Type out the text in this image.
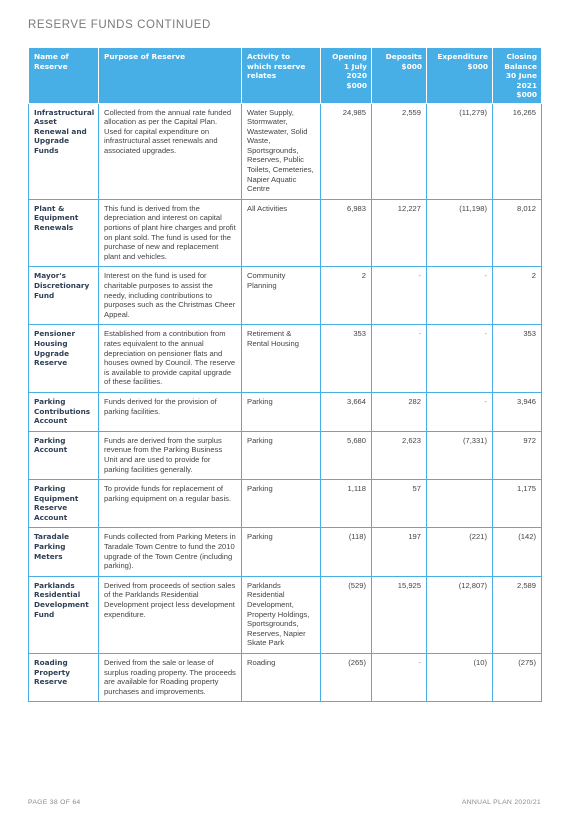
RESERVE FUNDS CONTINUED
Name of Reserve	Purpose of Reserve	Activity to which reserve relates	Opening 1 July 2020 $000	Deposits $000	Expenditure $000	Closing Balance 30 June 2021 $000
Infrastructural Asset Renewal and Upgrade Funds	Collected from the annual rate funded allocation as per the Capital Plan. Used for capital expenditure on infrastructural asset renewals and associated upgrades.	Water Supply, Stormwater, Wastewater, Solid Waste, Sportsgrounds, Reserves, Public Toilets, Cemeteries, Napier Aquatic Centre	24,985	2,559	(11,279)	16,265
Plant & Equipment Renewals	This fund is derived from the depreciation and interest on capital portions of plant hire charges and profit on plant sold. The fund is used for the purchase of new and replacement plant and vehicles.	All Activities	6,983	12,227	(11,198)	8,012
Mayor's Discretionary Fund	Interest on the fund is used for charitable purposes to assist the needy, including contributions to purposes such as the Christmas Cheer Appeal.	Community Planning	2	-	-	2
Pensioner Housing Upgrade Reserve	Established from a contribution from rates equivalent to the annual depreciation on pensioner flats and houses owned by Council. The reserve is available to provide capital upgrade of these facilities.	Retirement & Rental Housing	353	-	-	353
Parking Contributions Account	Funds derived for the provision of parking facilities.	Parking	3,664	282	-	3,946
Parking Account	Funds are derived from the surplus revenue from the Parking Business Unit and are used to provide for parking facilities generally.	Parking	5,680	2,623	(7,331)	972
Parking Equipment Reserve Account	To provide funds for replacement of parking equipment on a regular basis.	Parking	1,118	57		1,175
Taradale Parking Meters	Funds collected from Parking Meters in Taradale Town Centre to fund the 2010 upgrade of the Town Centre (including parking).	Parking	(118)	197	(221)	(142)
Parklands Residential Development Fund	Derived from proceeds of section sales of the Parklands Residential Development project less development expenditure.	Parklands Residential Development, Property Holdings, Sportsgrounds, Reserves, Napier Skate Park	(529)	15,925	(12,807)	2,589
Roading Property Reserve	Derived from the sale or lease of surplus roading property. The proceeds are available for Roading property purchases and improvements.	Roading	(265)	-	(10)	(275)
PAGE 38 OF 64	ANNUAL PLAN 2020/21
